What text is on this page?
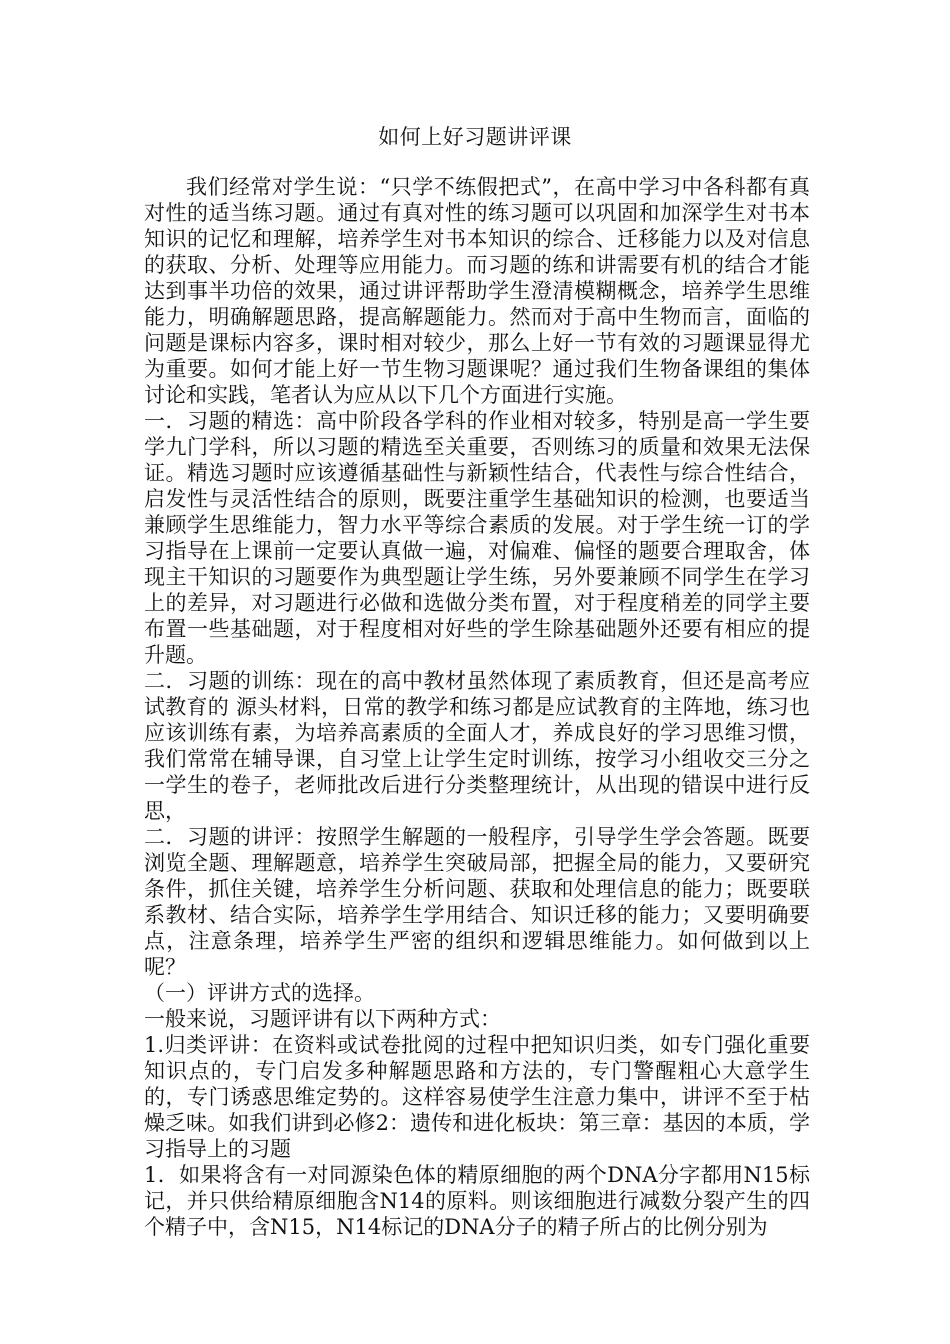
如何上好习题讲评课

我们经常对学生说：“只学不练假把式”，在高中学习中各科都有真对性的适当练习题。通过有真对性的练习题可以巩固和加深学生对书本知识的记忆和理解，培养学生对书本知识的综合、迁移能力以及对信息的获取、分析、处理等应用能力。而习题的练和讲需要有机的结合才能达到事半功倍的效果，通过讲评帮助学生澄清模糊概念，培养学生思维能力，明确解题思路，提高解题能力。然而对于高中生物而言，面临的问题是课标内容多，课时相对较少，那么上好一节有效的习题课显得尤为重要。如何才能上好一节生物习题课呢？通过我们生物备课组的集体讨论和实践，笔者认为应从以下几个方面进行实施。

一．习题的精选：高中阶段各学科的作业相对较多，特别是高一学生要学九门学科，所以习题的精选至关重要，否则练习的质量和效果无法保证。精选习题时应该遵循基础性与新颖性结合，代表性与综合性结合，启发性与灵活性结合的原则，既要注重学生基础知识的检测，也要适当兼顾学生思维能力，智力水平等综合素质的发展。对于学生统一订的学习指导在上课前一定要认真做一遍，对偏难、偏怪的题要合理取舍，体现主干知识的习题要作为典型题让学生练，另外要兼顾不同学生在学习上的差异，对习题进行必做和选做分类布置，对于程度稍差的同学主要布置一些基础题，对于程度相对好些的学生除基础题外还要有相应的提升题。

二．习题的训练：现在的高中教材虽然体现了素质教育，但还是高考应试教育的 源头材料，日常的教学和练习都是应试教育的主阵地，练习也应该训练有素，为培养高素质的全面人才，养成良好的学习思维习惯，我们常常在辅导课，自习堂上让学生定时训练，按学习小组收交三分之一学生的卷子，老师批改后进行分类整理统计，从出现的错误中进行反思，

二．习题的讲评：按照学生解题的一般程序，引导学生学会答题。既要浏览全题、理解题意，培养学生突破局部，把握全局的能力，又要研究条件，抓住关键，培养学生分析问题、获取和处理信息的能力；既要联系教材、结合实际，培养学生学用结合、知识迁移的能力；又要明确要点，注意条理，培养学生严密的组织和逻辑思维能力。如何做到以上呢？

（一）评讲方式的选择。

一般来说，习题评讲有以下两种方式：

1.归类评讲：在资料或试卷批阅的过程中把知识归类，如专门强化重要知识点的，专门启发多种解题思路和方法的，专门警醒粗心大意学生的，专门诱惑思维定势的。这样容易使学生注意力集中，讲评不至于枯燥乏味。如我们讲到必修2：遗传和进化板块：第三章：基因的本质，学习指导上的习题

1．如果将含有一对同源染色体的精原细胞的两个DNA分字都用N15标记，并只供给精原细胞含N14的原料。则该细胞进行减数分裂产生的四个精子中，含N15，N14标记的DNA分子的精子所占的比例分别为
